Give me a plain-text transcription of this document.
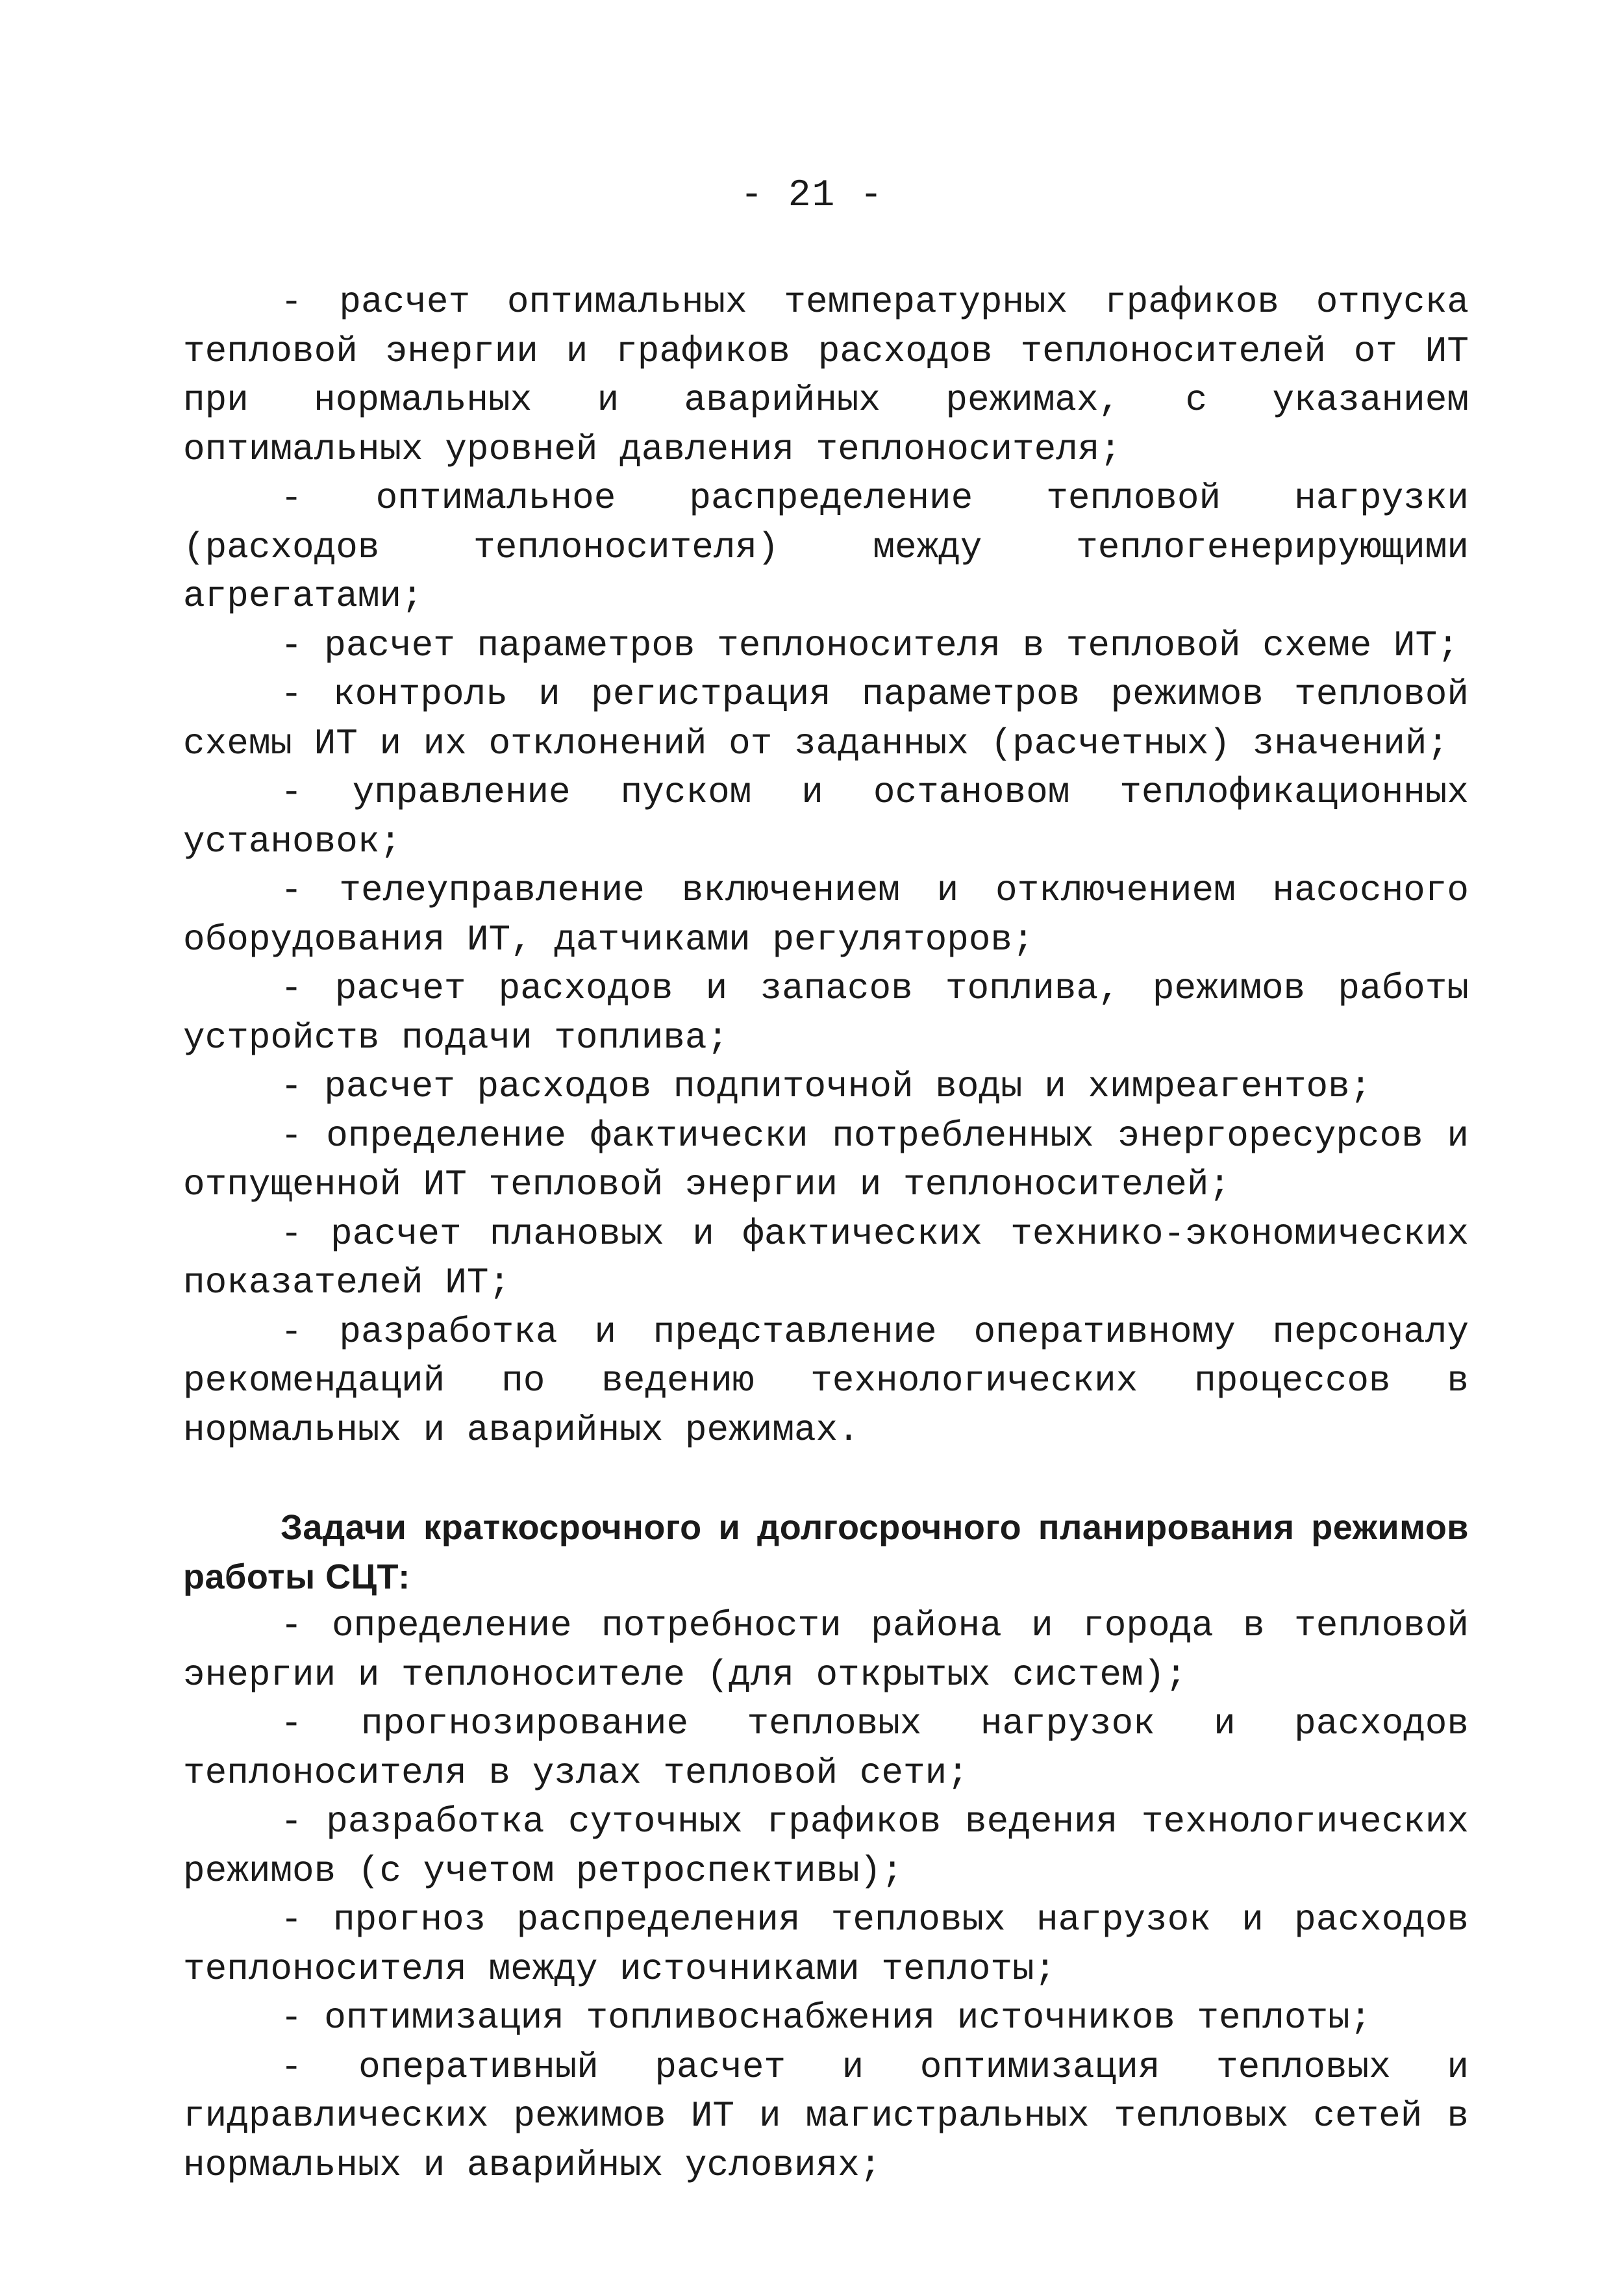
- 21 -

- расчет оптимальных температурных графиков отпуска тепловой энергии и графиков расходов теплоносителей от ИТ при нормальных и аварийных режимах, с указанием оптимальных уровней давления теплоносителя;

- оптимальное распределение тепловой нагрузки (расходов теплоносителя) между теплогенерирующими агрегатами;

- расчет параметров теплоносителя в тепловой схеме ИТ;

- контроль и регистрация параметров режимов тепловой схемы ИТ и их отклонений от заданных (расчетных) значений;

- управление пуском и остановом теплофикационных установок;

- телеуправление включением и отключением насосного оборудования ИТ, датчиками регуляторов;

- расчет расходов и запасов топлива, режимов работы устройств подачи топлива;

- расчет расходов подпиточной воды и химреагентов;

- определение фактически потребленных энергоресурсов и отпущенной ИТ тепловой энергии и теплоносителей;

- расчет плановых и фактических технико-экономических показателей ИТ;

- разработка и представление оперативному персоналу рекомендаций по ведению технологических процессов в нормальных и аварийных режимах.

Задачи краткосрочного и долгосрочного планирования режимов работы СЦТ:

- определение потребности района и города в тепловой энергии и теплоносителе (для открытых систем);

- прогнозирование тепловых нагрузок и расходов теплоносителя в узлах тепловой сети;

- разработка суточных графиков ведения технологических режимов (с учетом ретроспективы);

- прогноз распределения тепловых нагрузок и расходов теплоносителя между источниками теплоты;

- оптимизация топливоснабжения источников теплоты;

- оперативный расчет и оптимизация тепловых и гидравлических режимов ИТ и магистральных тепловых сетей в нормальных и аварийных условиях;
